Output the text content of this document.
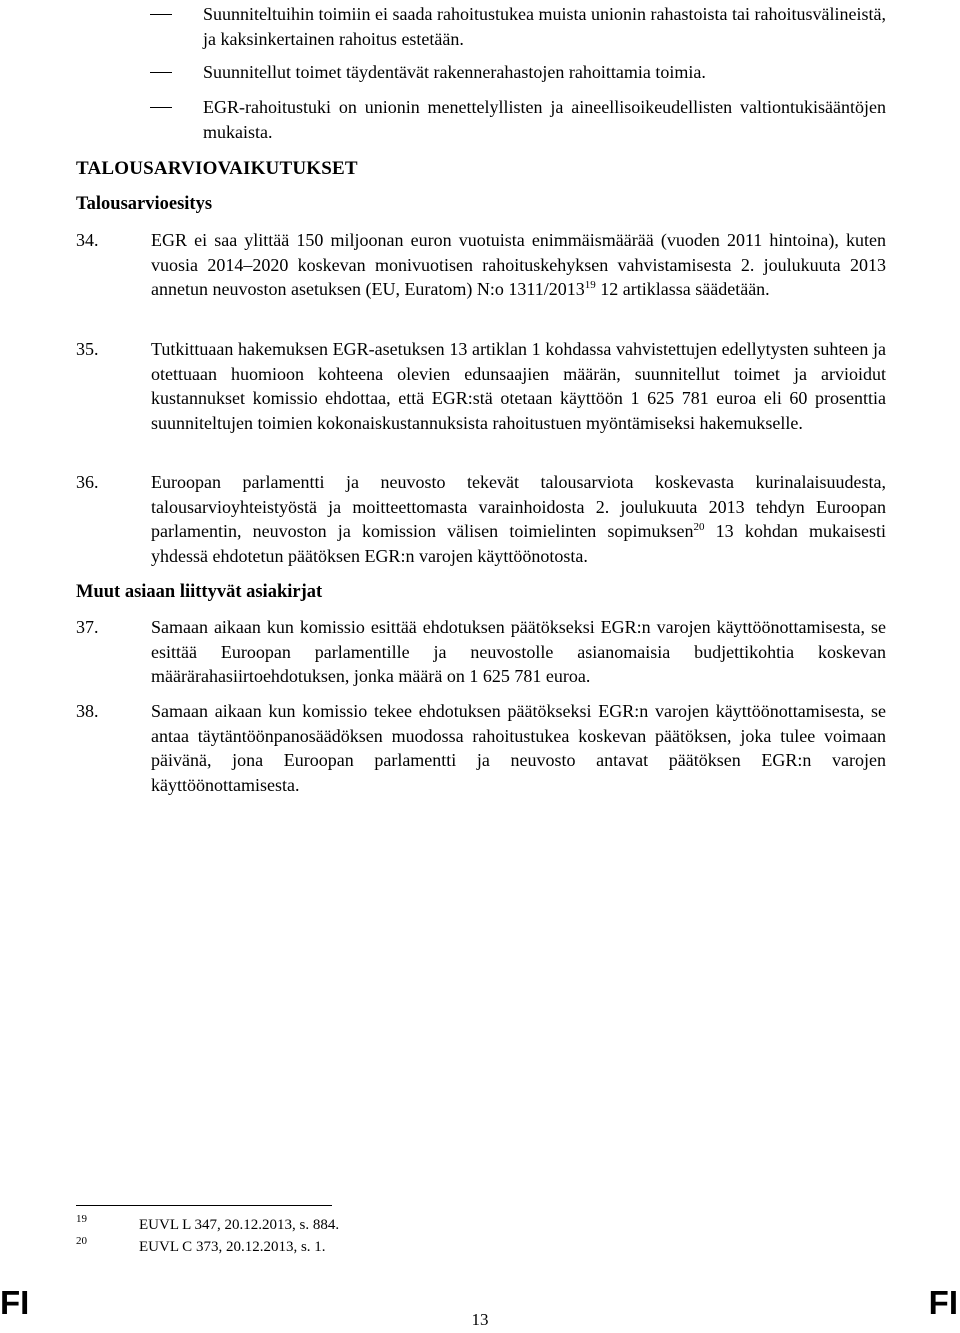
Suunniteltuihin toimiin ei saada rahoitustukea muista unionin rahastoista tai rahoitusvälineistä, ja kaksinkertainen rahoitus estetään.
Suunnitellut toimet täydentävät rakennerahastojen rahoittamia toimia.
EGR-rahoitustuki on unionin menettelyllisten ja aineellisoikeudellisten valtiontukisääntöjen mukaista.
TALOUSARVIOVAIKUTUKSET
Talousarvioesitys
34.	EGR ei saa ylittää 150 miljoonan euron vuotuista enimmäismäärää (vuoden 2011 hintoina), kuten vuosia 2014–2020 koskevan monivuotisen rahoituskehyksen vahvistamisesta 2. joulukuuta 2013 annetun neuvoston asetuksen (EU, Euratom) N:o 1311/2013$^{19}$ 12 artiklassa säädetään.
35.	Tutkittuaan hakemuksen EGR-asetuksen 13 artiklan 1 kohdassa vahvistettujen edellytysten suhteen ja otettuaan huomioon kohteena olevien edunsaajien määrän, suunnitellut toimet ja arvioidut kustannukset komissio ehdottaa, että EGR:stä otetaan käyttöön 1 625 781 euroa eli 60 prosenttia suunniteltujen toimien kokonaiskustannuksista rahoitustuen myöntämiseksi hakemukselle.
36.	Euroopan parlamentti ja neuvosto tekevät talousarviota koskevasta kurinalaisuudesta, talousarvioyhteistyöstä ja moitteettomasta varainhoidosta 2. joulukuuta 2013 tehdyn Euroopan parlamentin, neuvoston ja komission välisen toimielinten sopimuksen$^{20}$ 13 kohdan mukaisesti yhdessä ehdotetun päätöksen EGR:n varojen käyttöönotosta.
Muut asiaan liittyvät asiakirjat
37.	Samaan aikaan kun komissio esittää ehdotuksen päätökseksi EGR:n varojen käyttöönottamisesta, se esittää Euroopan parlamentille ja neuvostolle asianomaisia budjettikohtia koskevan määrärahasiirtoehdotuksen, jonka määrä on 1 625 781 euroa.
38.	Samaan aikaan kun komissio tekee ehdotuksen päätökseksi EGR:n varojen käyttöönottamisesta, se antaa täytäntöönpanosäädöksen muodossa rahoitustukea koskevan päätöksen, joka tulee voimaan päivänä, jona Euroopan parlamentti ja neuvosto antavat päätöksen EGR:n varojen käyttöönottamisesta.
19	EUVL L 347, 20.12.2013, s. 884.
20	EUVL C 373, 20.12.2013, s. 1.
FI	13	FI
